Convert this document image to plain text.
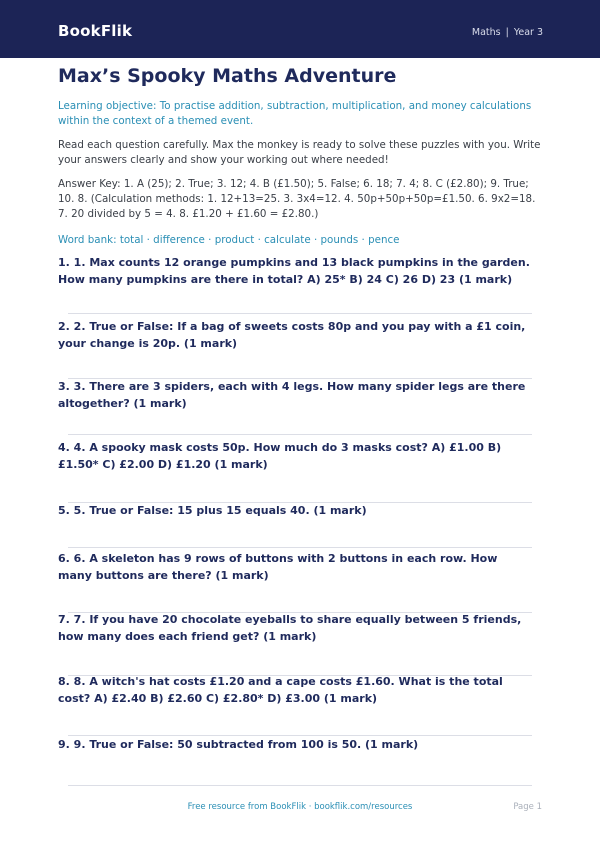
BookFlik	Maths | Year 3
Max’s Spooky Maths Adventure
Learning objective: To practise addition, subtraction, multiplication, and money calculations within the context of a themed event.
Read each question carefully. Max the monkey is ready to solve these puzzles with you. Write your answers clearly and show your working out where needed!
Answer Key: 1. A (25); 2. True; 3. 12; 4. B (£1.50); 5. False; 6. 18; 7. 4; 8. C (£2.80); 9. True; 10. 8. (Calculation methods: 1. 12+13=25. 3. 3x4=12. 4. 50p+50p+50p=£1.50. 6. 9x2=18. 7. 20 divided by 5 = 4. 8. £1.20 + £1.60 = £2.80.)
Word bank: total · difference · product · calculate · pounds · pence
1. 1. Max counts 12 orange pumpkins and 13 black pumpkins in the garden. How many pumpkins are there in total? A) 25* B) 24 C) 26 D) 23 (1 mark)
2. 2. True or False: If a bag of sweets costs 80p and you pay with a £1 coin, your change is 20p. (1 mark)
3. 3. There are 3 spiders, each with 4 legs. How many spider legs are there altogether? (1 mark)
4. 4. A spooky mask costs 50p. How much do 3 masks cost? A) £1.00 B) £1.50* C) £2.00 D) £1.20 (1 mark)
5. 5. True or False: 15 plus 15 equals 40. (1 mark)
6. 6. A skeleton has 9 rows of buttons with 2 buttons in each row. How many buttons are there? (1 mark)
7. 7. If you have 20 chocolate eyeballs to share equally between 5 friends, how many does each friend get? (1 mark)
8. 8. A witch's hat costs £1.20 and a cape costs £1.60. What is the total cost? A) £2.40 B) £2.60 C) £2.80* D) £3.00 (1 mark)
9. 9. True or False: 50 subtracted from 100 is 50. (1 mark)
Free resource from BookFlik · bookflik.com/resources	Page 1
